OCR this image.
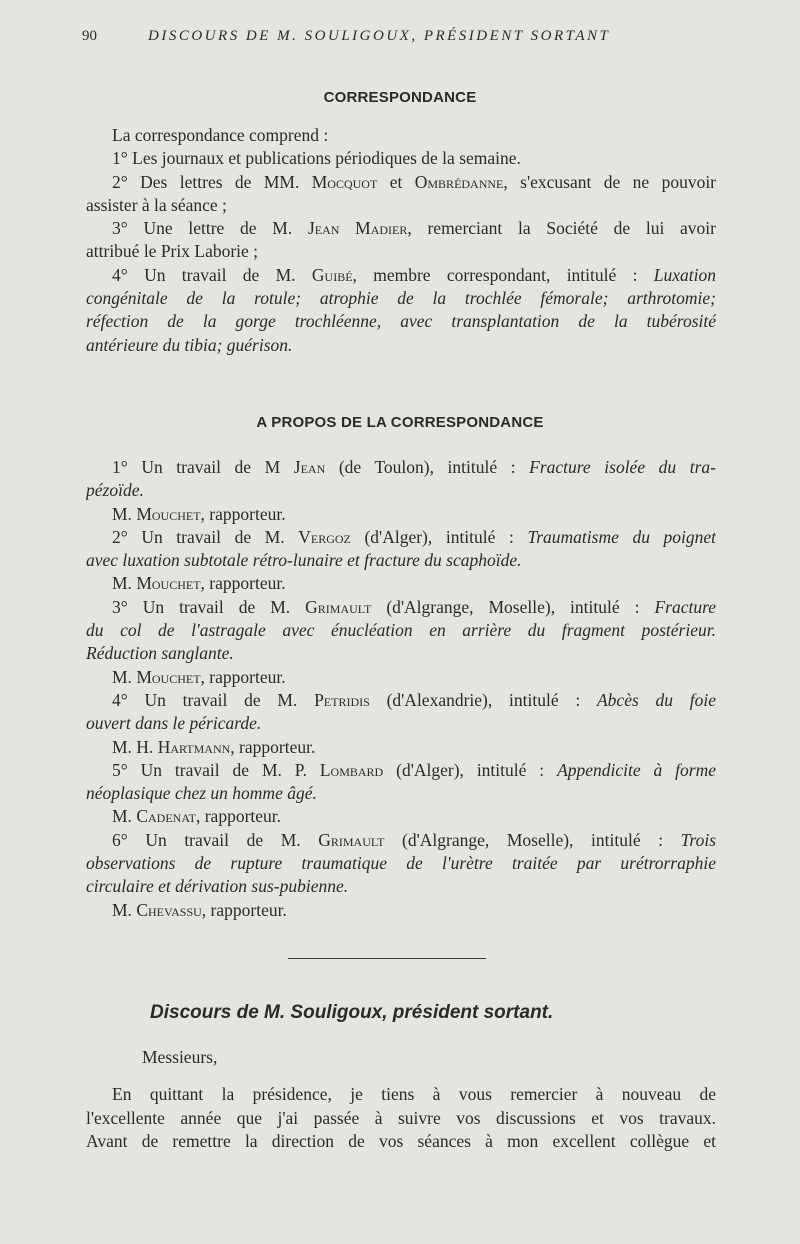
90	DISCOURS DE M. SOULIGOUX, PRÉSIDENT SORTANT
CORRESPONDANCE
La correspondance comprend :
1° Les journaux et publications périodiques de la semaine.
2° Des lettres de MM. Mocquot et Ombrédanne, s'excusant de ne pouvoir
assister à la séance ;
3° Une lettre de M. Jean Madier, remerciant la Société de lui avoir
attribué le Prix Laborie ;
4° Un travail de M. Guibé, membre correspondant, intitulé : Luxation
congénitale de la rotule; atrophie de la trochlée fémorale; arthrotomie;
réfection de la gorge trochléenne, avec transplantation de la tubérosité
antérieure du tibia; guérison.
A PROPOS DE LA CORRESPONDANCE
1° Un travail de M Jean (de Toulon), intitulé : Fracture isolée du tra-
pézoïde.
M. Mouchet, rapporteur.
2° Un travail de M. Vergoz (d'Alger), intitulé : Traumatisme du poignet
avec luxation subtotale rétro-lunaire et fracture du scaphoïde.
M. Mouchet, rapporteur.
3° Un travail de M. Grimault (d'Algrange, Moselle), intitulé : Fracture
du col de l'astragale avec énucléation en arrière du fragment postérieur.
Réduction sanglante.
M. Mouchet, rapporteur.
4° Un travail de M. Petridis (d'Alexandrie), intitulé : Abcès du foie
ouvert dans le péricarde.
M. H. Hartmann, rapporteur.
5° Un travail de M. P. Lombard (d'Alger), intitulé : Appendicite à forme
néoplasique chez un homme âgé.
M. Cadenat, rapporteur.
6° Un travail de M. Grimault (d'Algrange, Moselle), intitulé : Trois
observations de rupture traumatique de l'urètre traitée par urétrorraphie
circulaire et dérivation sus-pubienne.
M. Chevassu, rapporteur.
Discours de M. Souligoux, président sortant.
Messieurs,
En quittant la présidence, je tiens à vous remercier à nouveau de
l'excellente année que j'ai passée à suivre vos discussions et vos travaux.
Avant de remettre la direction de vos séances à mon excellent collègue et
